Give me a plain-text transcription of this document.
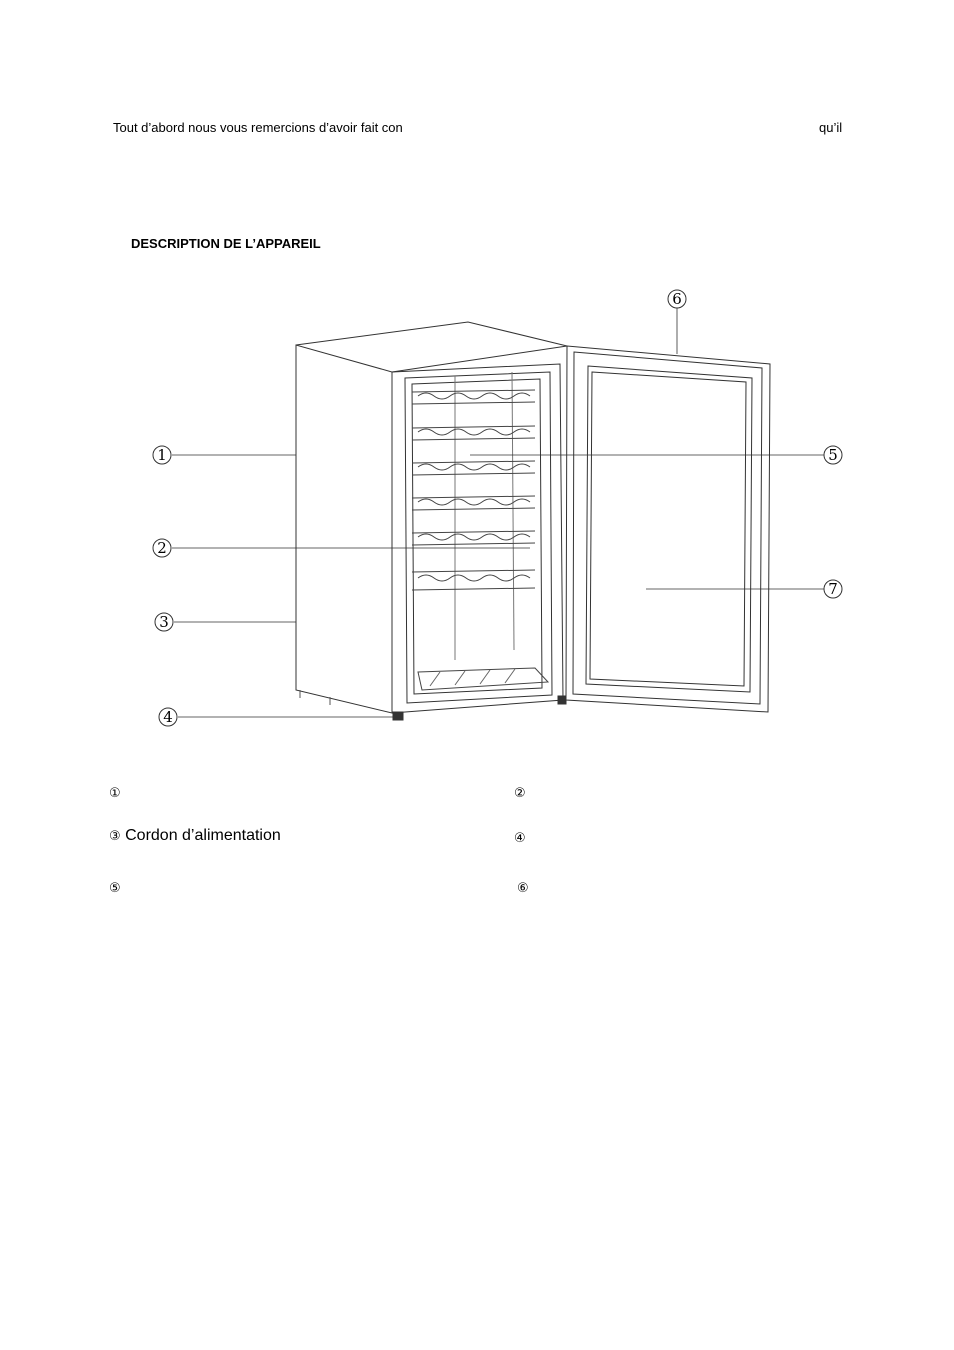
Tout d’abord nous vous remercions d’avoir fait con	qu’il
DESCRIPTION DE L’APPAREIL
1
2
3
4
5
6
7
①	②
③ Cordon d’alimentation	④
⑤	⑥
